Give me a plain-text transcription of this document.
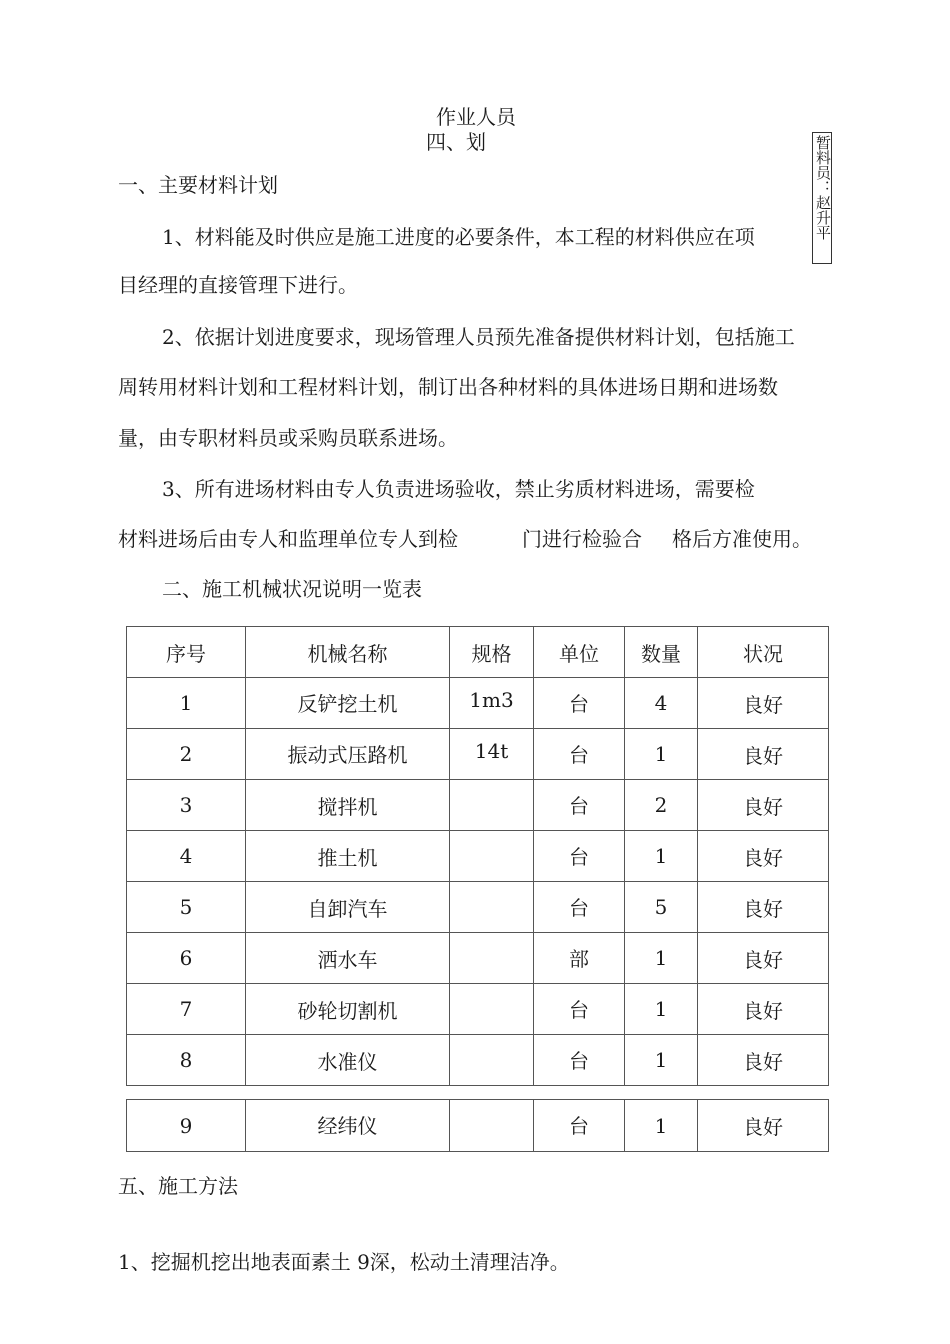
作业人员
四、划	暂料员：赵升平
一、主要材料计划
1、材料能及时供应是施工进度的必要条件，本工程的材料供应在项
目经理的直接管理下进行。
2、依据计划进度要求，现场管理人员预先准备提供材料计划，包括施工
周转用材料计划和工程材料计划，制订出各种材料的具体进场日期和进场数
量，由专职材料员或采购员联系进场。
3、所有进场材料由专人负责进场验收，禁止劣质材料进场，需要检
材料进场后由专人和监理单位专人到检	门进行检验合 格后方准使用。
二、施工机械状况说明一览表
序号	机械名称	规格	单位	数量	状况
1	反铲挖土机	1m3	台	4	良好
2	振动式压路机	14t	台	1	良好
3	搅拌机		台	2	良好
4	推土机		台	1	良好
5	自卸汽车		台	5	良好
6	洒水车		部	1	良好
7	砂轮切割机		台	1	良好
8	水准仪		台	1	良好
9	经纬仪		台	1	良好
五、施工方法
1、挖掘机挖出地表面素土 9深，松动土清理洁净。
